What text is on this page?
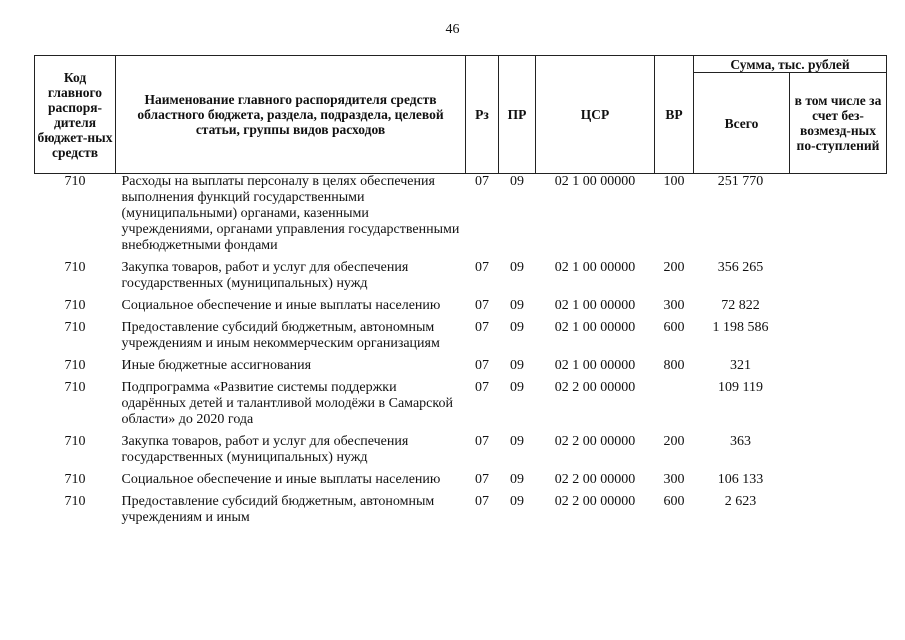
46
Код главного распоря-дителя бюджет-ных средств	Наименование главного распорядителя средств областного бюджета, раздела, подраздела, целевой статьи, группы видов расходов	Рз	ПР	ЦСР	ВР	Сумма, тыс. рублей	
						Всего	в том числе за счет без-возмезд-ных по-ступлений
710	Расходы на выплаты персоналу в целях обеспечения выполнения функций государственными (муниципальными) органами, казенными учреждениями, органами управления государственными внебюджетными фондами	07	09	02 1 00 00000	100	251 770	
710	Закупка товаров, работ и услуг для обеспечения государственных (муниципальных) нужд	07	09	02 1 00 00000	200	356 265	
710	Социальное обеспечение и иные выплаты населению	07	09	02 1 00 00000	300	72 822	
710	Предоставление субсидий бюджетным, автономным учреждениям и иным некоммерческим организациям	07	09	02 1 00 00000	600	1 198 586	
710	Иные бюджетные ассигнования	07	09	02 1 00 00000	800	321	
710	Подпрограмма «Развитие системы поддержки одарённых детей и талантливой молодёжи в Самарской области» до 2020 года	07	09	02 2 00 00000		109 119	
710	Закупка товаров, работ и услуг для обеспечения государственных (муниципальных) нужд	07	09	02 2 00 00000	200	363	
710	Социальное обеспечение и иные выплаты населению	07	09	02 2 00 00000	300	106 133	
710	Предоставление субсидий бюджетным, автономным учреждениям и иным	07	09	02 2 00 00000	600	2 623	
